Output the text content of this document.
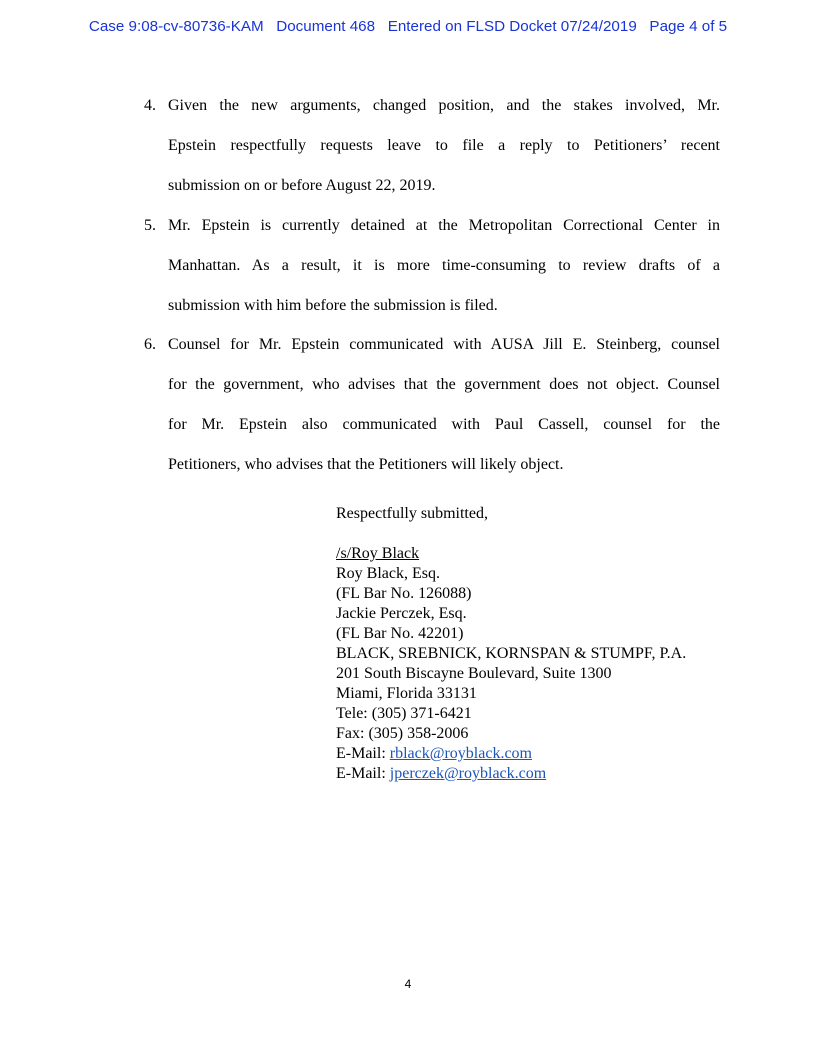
Case 9:08-cv-80736-KAM   Document 468   Entered on FLSD Docket 07/24/2019   Page 4 of 5
4. Given the new arguments, changed position, and the stakes involved, Mr.
Epstein respectfully requests leave to file a reply to Petitioners’ recent
submission on or before August 22, 2019.
5. Mr. Epstein is currently detained at the Metropolitan Correctional Center in
Manhattan. As a result, it is more time-consuming to review drafts of a
submission with him before the submission is filed.
6. Counsel for Mr. Epstein communicated with AUSA Jill E. Steinberg, counsel
for the government, who advises that the government does not object. Counsel
for Mr. Epstein also communicated with Paul Cassell, counsel for the
Petitioners, who advises that the Petitioners will likely object.
Respectfully submitted,
/s/Roy Black
Roy Black, Esq.
(FL Bar No. 126088)
Jackie Perczek, Esq.
(FL Bar No. 42201)
BLACK, SREBNICK, KORNSPAN & STUMPF, P.A.
201 South Biscayne Boulevard, Suite 1300
Miami, Florida 33131
Tele: (305) 371-6421
Fax: (305) 358-2006
E-Mail: rblack@royblack.com
E-Mail: jperczek@royblack.com
4
